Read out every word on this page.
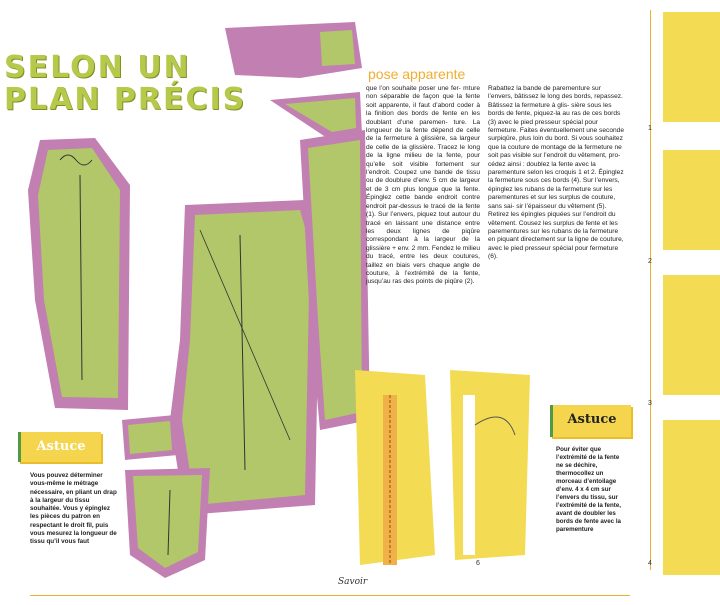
SELON UN
PLAN PRÉCIS
Astuce

Vous pouvez déterminer vous-même le métrage nécessaire, en pliant un drap à la largeur du tissu souhaitée. Vous y épinglez les pièces du patron en respectant le droit fil, puis vous mesurez la longueur de tissu qu’il vous faut

Savoir
pose apparente

que l’on souhaite poser une fer- mture non séparable de façon que la fente soit apparente, il faut d’abord coder à la finition des bords de fente en les doublant d’une paremen- ture. La longueur de la fente dépend de celle de la fermeture à glissière, sa largeur de celle de la glissière. Tracez le long de la ligne milieu de la fente, pour qu’elle soit visible fortement sur l’endroit. Coupez une bande de tissu ou de doublure d’env. 5 cm de largeur et de 3 cm plus longue que la fente. Épinglez cette bande endroit contre endroit par-dessus le tracé de la fente (1). Sur l’envers, piquez tout autour du tracé en laissant une distance entre les deux lignes de piqûre correspondant à la largeur de la glissière + env. 2 mm. Fendez le milieu du tracé, entre les deux coutures, taillez en biais vers chaque angle de couture, à l’extrémité de la fente, jusqu’au ras des points de piqûre (2).

Rabattez la bande de parementure sur l’envers, bâtissez le long des bords, repassez. Bâtissez la fermeture à glis- sière sous les bords de fente, piquez-la au ras de ces bords (3) avec le pied presseur spécial pour fermeture. Faites éventuellement une seconde surpiqûre, plus loin du bord. Si vous souhaitez que la couture de montage de la fermeture ne soit pas visible sur l’endroit du vêtement, pro- cédez ainsi : doublez la fente avec la parementure selon les croquis 1 et 2. Épinglez la fermeture sous ces bords (4). Sur l’envers, épinglez les rubans de la fermeture sur les parementures et sur les surplus de couture, sans sai- sir l’épaisseur du vêtement (5). Retirez les épingles piquées sur l’endroit du vêtement. Cousez les surplus de fente et les parementures sur les rubans de la fermeture en piquant directement sur la ligne de couture, avec le pied presseur spécial pour fermeture (6).

6
Astuce

Pour éviter que l’extrémité de la fente ne se déchire, thermocollez un morceau d’entoilage d’env. 4 x 4 cm sur l’envers du tissu, sur l’extrémité de la fente, avant de doubler les bords de fente avec la parementure

1
2
3
4
